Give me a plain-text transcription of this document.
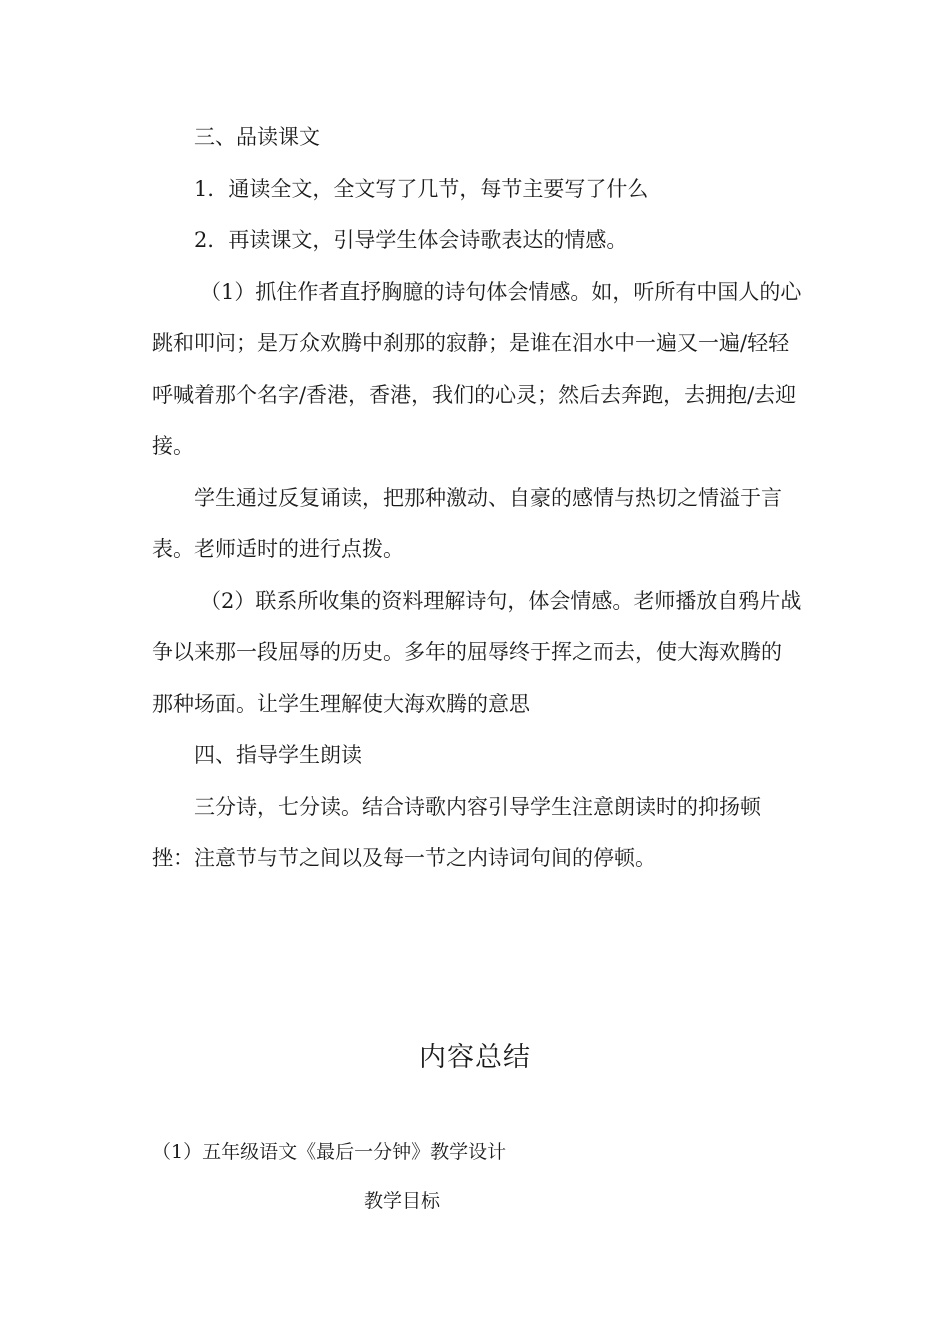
三、品读课文

1．通读全文，全文写了几节，每节主要写了什么

2．再读课文，引导学生体会诗歌表达的情感。

（1）抓住作者直抒胸臆的诗句体会情感。如，听所有中国人的心跳和叩问；是万众欢腾中刹那的寂静；是谁在泪水中一遍又一遍/轻轻呼喊着那个名字/香港，香港，我们的心灵；然后去奔跑，去拥抱/去迎接。

学生通过反复诵读，把那种激动、自豪的感情与热切之情溢于言表。老师适时的进行点拨。

（2）联系所收集的资料理解诗句，体会情感。老师播放自鸦片战争以来那一段屈辱的历史。多年的屈辱终于挥之而去，使大海欢腾的那种场面。让学生理解使大海欢腾的意思

四、指导学生朗读

三分诗，七分读。结合诗歌内容引导学生注意朗读时的抑扬顿挫：注意节与节之间以及每一节之内诗词句间的停顿。

内容总结
（1）五年级语文《最后一分钟》教学设计
教学目标
